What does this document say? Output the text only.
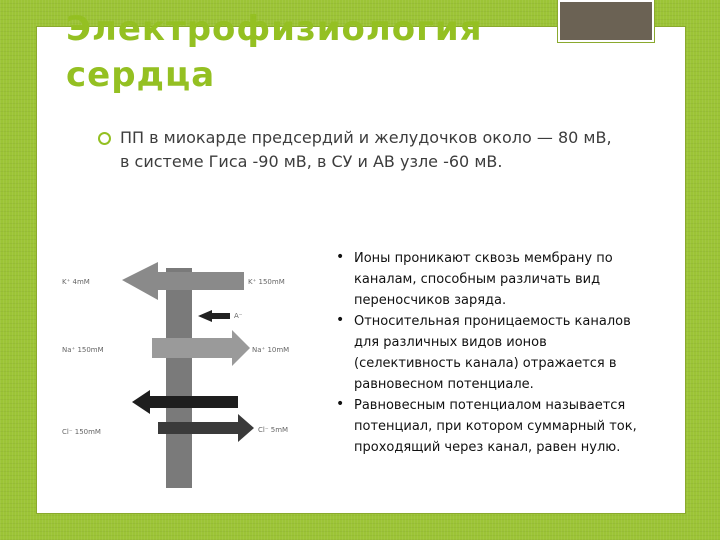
Электрофизиология
сердца
ПП в миокарде предсердий и желудочков около — 80 мВ, в системе Гиса -90 мВ, в СУ и АВ узле -60 мВ.
K⁺ 4mM	K⁺ 150mM
A⁻
Na⁺ 150mM	Na⁺ 10mM
Cl⁻ 150mM	Cl⁻ 5mM
• Ионы проникают сквозь мембрану по каналам, способным различать вид переносчиков заряда.
• Относительная проницаемость каналов для различных видов ионов (селективность канала) отражается в равновесном потенциале.
• Равновесным потенциалом называется потенциал, при котором суммарный ток, проходящий через канал, равен нулю.
